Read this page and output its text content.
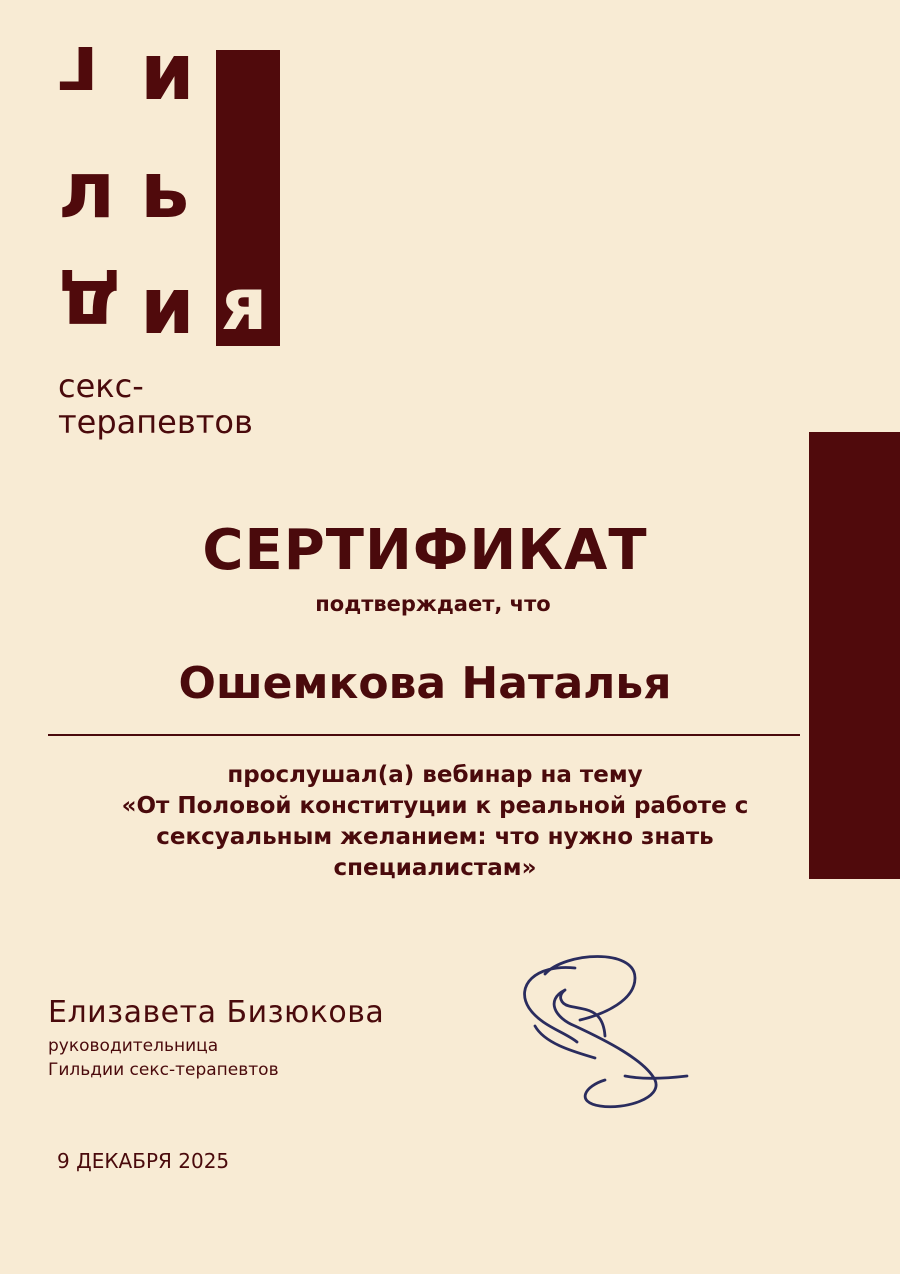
г и
л ь
д и я
секс-
терапевтов
СЕРТИФИКАТ
подтверждает, что
Ошемкова Наталья
прослушал(а) вебинар на тему
«От Половой конституции к реальной работе с
сексуальным желанием: что нужно знать
специалистам»
Елизавета Бизюкова
руководительница
Гильдии секс-терапевтов
9 ДЕКАБРЯ 2025
